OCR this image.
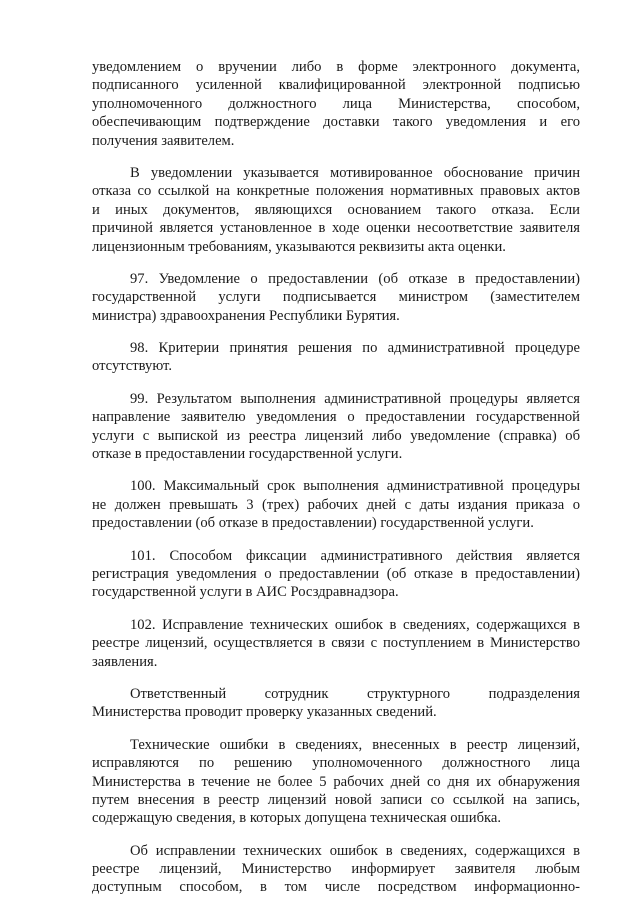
уведомлением о вручении либо в форме электронного документа,
подписанного усиленной квалифицированной электронной подписью
уполномоченного должностного лица Министерства, способом,
обеспечивающим подтверждение доставки такого уведомления и его
получения заявителем.
В уведомлении указывается мотивированное обоснование причин
отказа со ссылкой на конкретные положения нормативных правовых актов
и иных документов, являющихся основанием такого отказа. Если
причиной является установленное в ходе оценки несоответствие заявителя
лицензионным требованиям, указываются реквизиты акта оценки.
97. Уведомление о предоставлении (об отказе в предоставлении)
государственной услуги подписывается министром (заместителем
министра) здравоохранения Республики Бурятия.
98. Критерии принятия решения по административной процедуре
отсутствуют.
99. Результатом выполнения административной процедуры является
направление заявителю уведомления о предоставлении государственной
услуги с выпиской из реестра лицензий либо уведомление (справка) об
отказе в предоставлении государственной услуги.
100. Максимальный срок выполнения административной процедуры
не должен превышать 3 (трех) рабочих дней с даты издания приказа о
предоставлении (об отказе в предоставлении) государственной услуги.
101. Способом фиксации административного действия является
регистрация уведомления о предоставлении (об отказе в предоставлении)
государственной услуги в АИС Росздравнадзора.
102. Исправление технических ошибок в сведениях, содержащихся в
реестре лицензий, осуществляется в связи с поступлением в Министерство
заявления.
Ответственный сотрудник структурного подразделения
Министерства проводит проверку указанных сведений.
Технические ошибки в сведениях, внесенных в реестр лицензий,
исправляются по решению уполномоченного должностного лица
Министерства в течение не более 5 рабочих дней со дня их обнаружения
путем внесения в реестр лицензий новой записи со ссылкой на запись,
содержащую сведения, в которых допущена техническая ошибка.
Об исправлении технических ошибок в сведениях, содержащихся в
реестре лицензий, Министерство информирует заявителя любым
доступным способом, в том числе посредством информационно-
